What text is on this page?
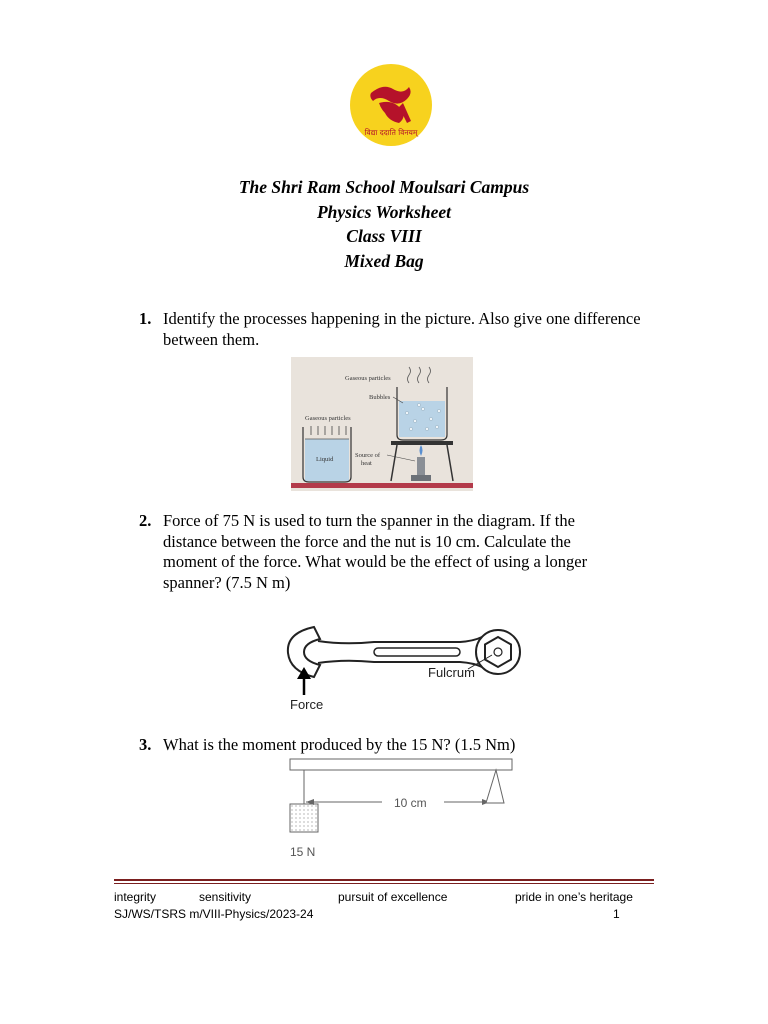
विद्या ददाति विनयम्
The Shri Ram School Moulsari Campus
Physics Worksheet
Class VIII
Mixed Bag
1. Identify the processes happening in the picture. Also give one difference
between them.
Gaseous particles
Liquid
Gaseous particles
Bubbles
Source of
heat
2. Force of 75 N is used to turn the spanner in the diagram. If the
distance between the force and the nut is 10 cm. Calculate the
moment of the force. What would be the effect of using a longer
spanner? (7.5 N m)
Fulcrum
Force
3. What is the moment produced by the 15 N? (1.5 Nm)
15 N
10 cm
integrity	sensitivity	pursuit of excellence	pride in one’s heritage
SJ/WS/TSRS m/VIII-Physics/2023-24	1
